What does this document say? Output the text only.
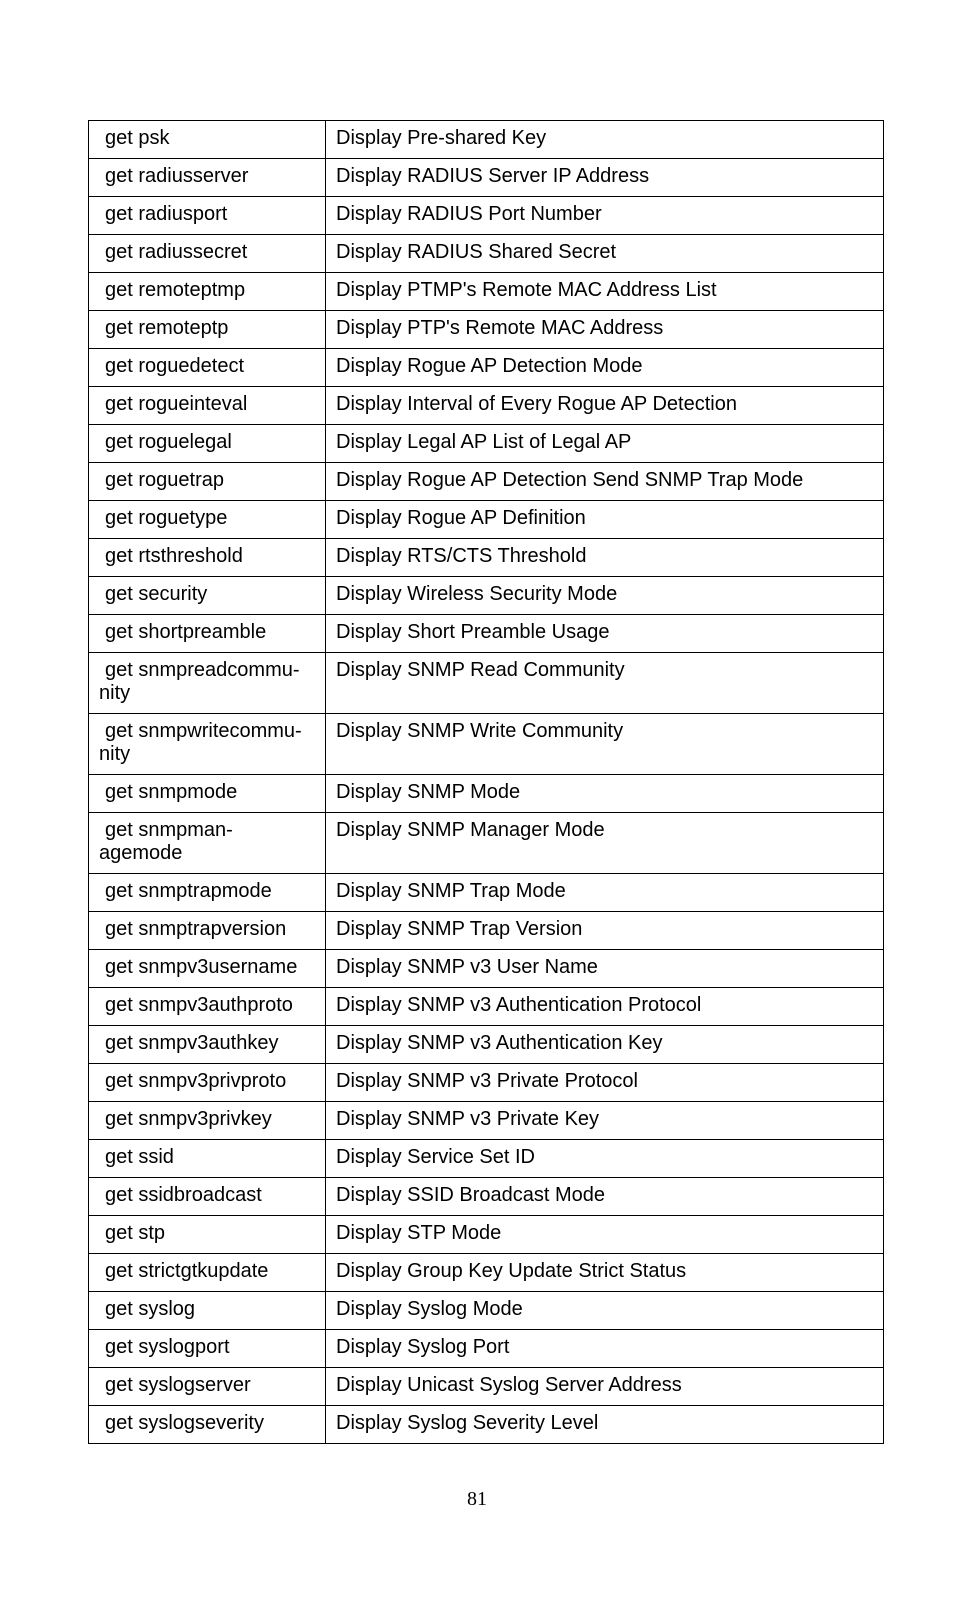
get psk	Display Pre-shared Key

get radiusserver	Display RADIUS Server IP Address

get radiusport	Display RADIUS Port Number

get radiussecret	Display RADIUS Shared Secret

get remoteptmp	Display PTMP's Remote MAC Address List

get remoteptp	Display PTP's Remote MAC Address

get roguedetect	Display Rogue AP Detection Mode

get rogueinteval	Display Interval of Every Rogue AP Detection

get roguelegal	Display Legal AP List of Legal AP

get roguetrap	Display Rogue AP Detection Send SNMP Trap Mode

get roguetype	Display Rogue AP Definition

get rtsthreshold	Display RTS/CTS Threshold

get security	Display Wireless Security Mode

get shortpreamble	Display Short Preamble Usage

get snmpreadcommu-
nity	Display SNMP Read Community

get snmpwritecommu-
nity	Display SNMP Write Community

get snmpmode	Display SNMP Mode

get snmpman-
agemode	Display SNMP Manager Mode

get snmptrapmode	Display SNMP Trap Mode

get snmptrapversion	Display SNMP Trap Version

get snmpv3username	Display SNMP v3 User Name

get snmpv3authproto	Display SNMP v3 Authentication Protocol

get snmpv3authkey	Display SNMP v3 Authentication Key

get snmpv3privproto	Display SNMP v3 Private Protocol

get snmpv3privkey	Display SNMP v3 Private Key

get ssid	Display Service Set ID

get ssidbroadcast	Display SSID Broadcast Mode

get stp	Display STP Mode

get strictgtkupdate	Display Group Key Update Strict Status

get syslog	Display Syslog Mode

get syslogport	Display Syslog Port

get syslogserver	Display Unicast Syslog Server Address

get syslogseverity	Display Syslog Severity Level
81
